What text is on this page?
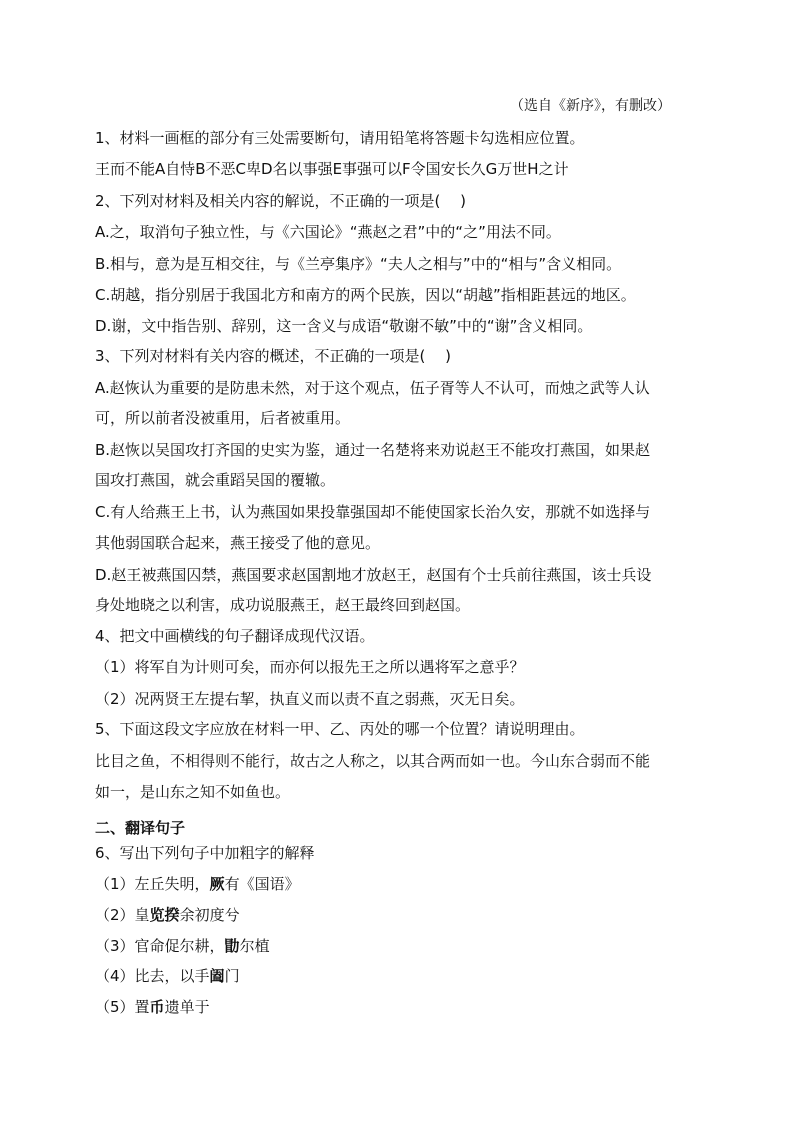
（选自《新序》，有删改）
1、材料一画框的部分有三处需要断句，请用铅笔将答题卡勾选相应位置。
王而不能A自恃B不恶C卑D名以事强E事强可以F令国安长久G万世H之计
2、下列对材料及相关内容的解说，不正确的一项是(　 )
A.之，取消句子独立性，与《六国论》“燕赵之君”中的“之”用法不同。
B.相与，意为是互相交往，与《兰亭集序》“夫人之相与”中的“相与”含义相同。
C.胡越，指分别居于我国北方和南方的两个民族，因以“胡越”指相距甚远的地区。
D.谢，文中指告别、辞别，这一含义与成语“敬谢不敏”中的“谢”含义相同。
3、下列对材料有关内容的概述，不正确的一项是(　 )
A.赵恢认为重要的是防患未然，对于这个观点，伍子胥等人不认可，而烛之武等人认
可，所以前者没被重用，后者被重用。
B.赵恢以吴国攻打齐国的史实为鉴，通过一名楚将来劝说赵王不能攻打燕国，如果赵
国攻打燕国，就会重蹈吴国的覆辙。
C.有人给燕王上书，认为燕国如果投靠强国却不能使国家长治久安，那就不如选择与
其他弱国联合起来，燕王接受了他的意见。
D.赵王被燕国囚禁，燕国要求赵国割地才放赵王，赵国有个士兵前往燕国，该士兵设
身处地晓之以利害，成功说服燕王，赵王最终回到赵国。
4、把文中画横线的句子翻译成现代汉语。
（1）将军自为计则可矣，而亦何以报先王之所以遇将军之意乎？
（2）况两贤王左提右挈，执直义而以责不直之弱燕，灭无日矣。
5、下面这段文字应放在材料一甲、乙、丙处的哪一个位置？请说明理由。
比目之鱼，不相得则不能行，故古之人称之，以其合两而如一也。今山东合弱而不能
如一，是山东之知不如鱼也。
二、翻译句子
6、写出下列句子中加粗字的解释
（1）左丘失明，厥有《国语》
（2）皇览揆余初度兮
（3）官命促尔耕，勖尔植
（4）比去，以手阖门
（5）置币遗单于
